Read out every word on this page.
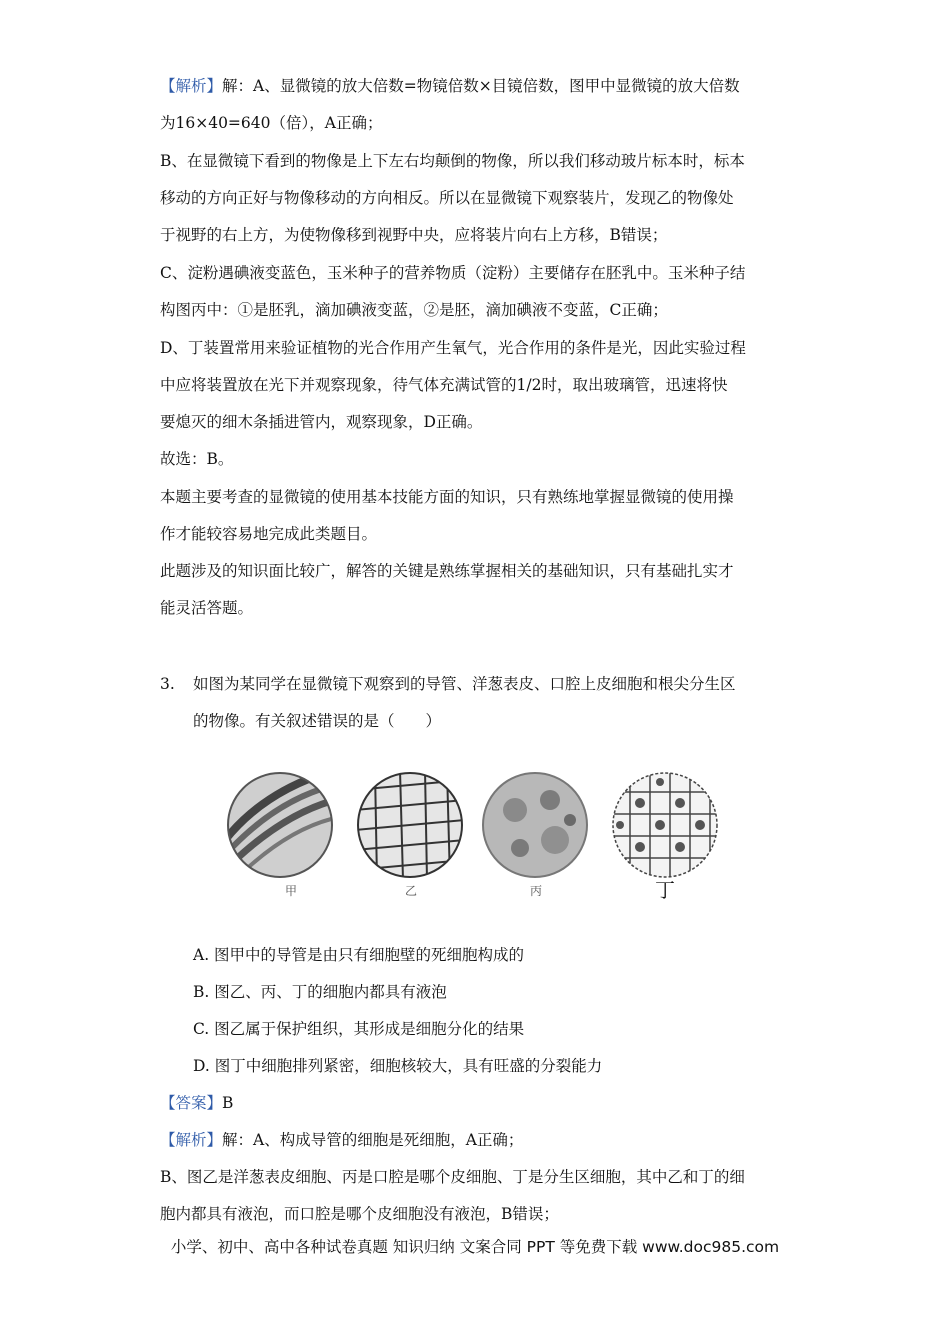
【解析】解：A、显微镜的放大倍数=物镜倍数×目镜倍数，图甲中显微镜的放大倍数
为16×40=640（倍），A正确；
B、在显微镜下看到的物像是上下左右均颠倒的物像，所以我们移动玻片标本时，标本
移动的方向正好与物像移动的方向相反。所以在显微镜下观察装片，发现乙的物像处
于视野的右上方，为使物像移到视野中央，应将装片向右上方移，B错误；
C、淀粉遇碘液变蓝色，玉米种子的营养物质（淀粉）主要储存在胚乳中。玉米种子结
构图丙中：①是胚乳，滴加碘液变蓝，②是胚，滴加碘液不变蓝，C正确；
D、丁装置常用来验证植物的光合作用产生氧气，光合作用的条件是光，因此实验过程
中应将装置放在光下并观察现象，待气体充满试管的1/2时，取出玻璃管，迅速将快
要熄灭的细木条插进管内，观察现象，D正确。
故选：B。
本题主要考查的显微镜的使用基本技能方面的知识，只有熟练地掌握显微镜的使用操
作才能较容易地完成此类题目。
此题涉及的知识面比较广，解答的关键是熟练掌握相关的基础知识，只有基础扎实才
能灵活答题。
3. 如图为某同学在显微镜下观察到的导管、洋葱表皮、口腔上皮细胞和根尖分生区
的物像。有关叙述错误的是（　　）
甲	乙	丙	丁
A. 图甲中的导管是由只有细胞壁的死细胞构成的
B. 图乙、丙、丁的细胞内都具有液泡
C. 图乙属于保护组织，其形成是细胞分化的结果
D. 图丁中细胞排列紧密，细胞核较大，具有旺盛的分裂能力
【答案】B
【解析】解：A、构成导管的细胞是死细胞，A正确；
B、图乙是洋葱表皮细胞、丙是口腔是哪个皮细胞、丁是分生区细胞，其中乙和丁的细
胞内都具有液泡，而口腔是哪个皮细胞没有液泡，B错误；
小学、初中、高中各种试卷真题 知识归纳 文案合同 PPT 等免费下载 www.doc985.com
